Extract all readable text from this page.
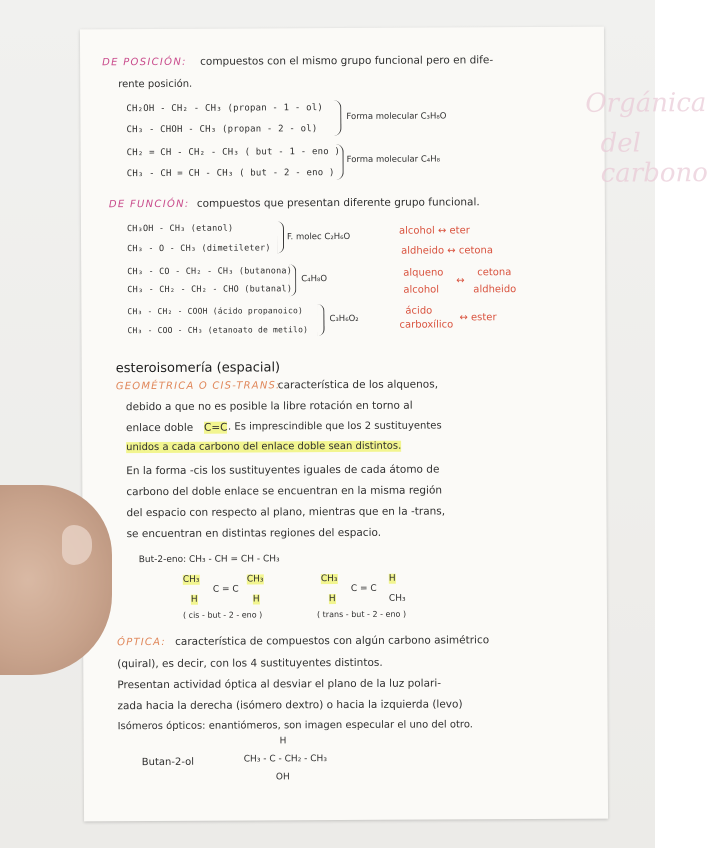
Orgánica
del carbono
DE POSICIÓN: compuestos con el mismo grupo funcional pero en dife-
rente posición.
CH₂OH - CH₂ - CH₃ (propan - 1 - ol)
CH₃ - CHOH - CH₃ (propan - 2 - ol)
Forma molecular C₃H₈O
CH₂ = CH - CH₂ - CH₃ ( but - 1 - eno )
CH₃ - CH = CH - CH₃ ( but - 2 - eno )
Forma molecular C₄H₈
DE FUNCIÓN: compuestos que presentan diferente grupo funcional.
CH₃OH - CH₃ (etanol)
CH₃ - O - CH₃ (dimetileter)
F. molec C₂H₆O
CH₃ - CO - CH₂ - CH₃ (butanona)
CH₃ - CH₂ - CH₂ - CHO (butanal)
C₄H₈O
CH₃ - CH₂ - COOH (ácido propanoico)
CH₃ - COO - CH₃ (etanoato de metilo)
C₃H₆O₂
alcohol ↔ eter
aldheido ↔ cetona
alqueno
alcohol
↔
cetona
aldheido
ácido
carboxílico
↔ ester
esteroisomería (espacial)
GEOMÉTRICA O CIS-TRANS:
característica de los alquenos,
debido a que no es posible la libre rotación en torno al
enlace doble C=C . Es imprescindible que los 2 sustituyentes
unidos a cada carbono del enlace doble sean distintos.
En la forma -cis los sustituyentes iguales de cada átomo de
carbono del doble enlace se encuentran en la misma región
del espacio con respecto al plano, mientras que en la -trans,
se encuentran en distintas regiones del espacio.
But-2-eno: CH₃ - CH = CH - CH₃
CH₃	CH₃
C = C
H	H
( cis - but - 2 - eno )
CH₃	H
C = C
H	CH₃
( trans - but - 2 - eno )
ÓPTICA: característica de compuestos con algún carbono asimétrico
(quiral), es decir, con los 4 sustituyentes distintos.
Presentan actividad óptica al desviar el plano de la luz polari-
zada hacia la derecha (isómero dextro) o hacia la izquierda (levo)
Isómeros ópticos: enantiómeros, son imagen especular el uno del otro.
Butan-2-ol
H
CH₃ - C - CH₂ - CH₃
OH
